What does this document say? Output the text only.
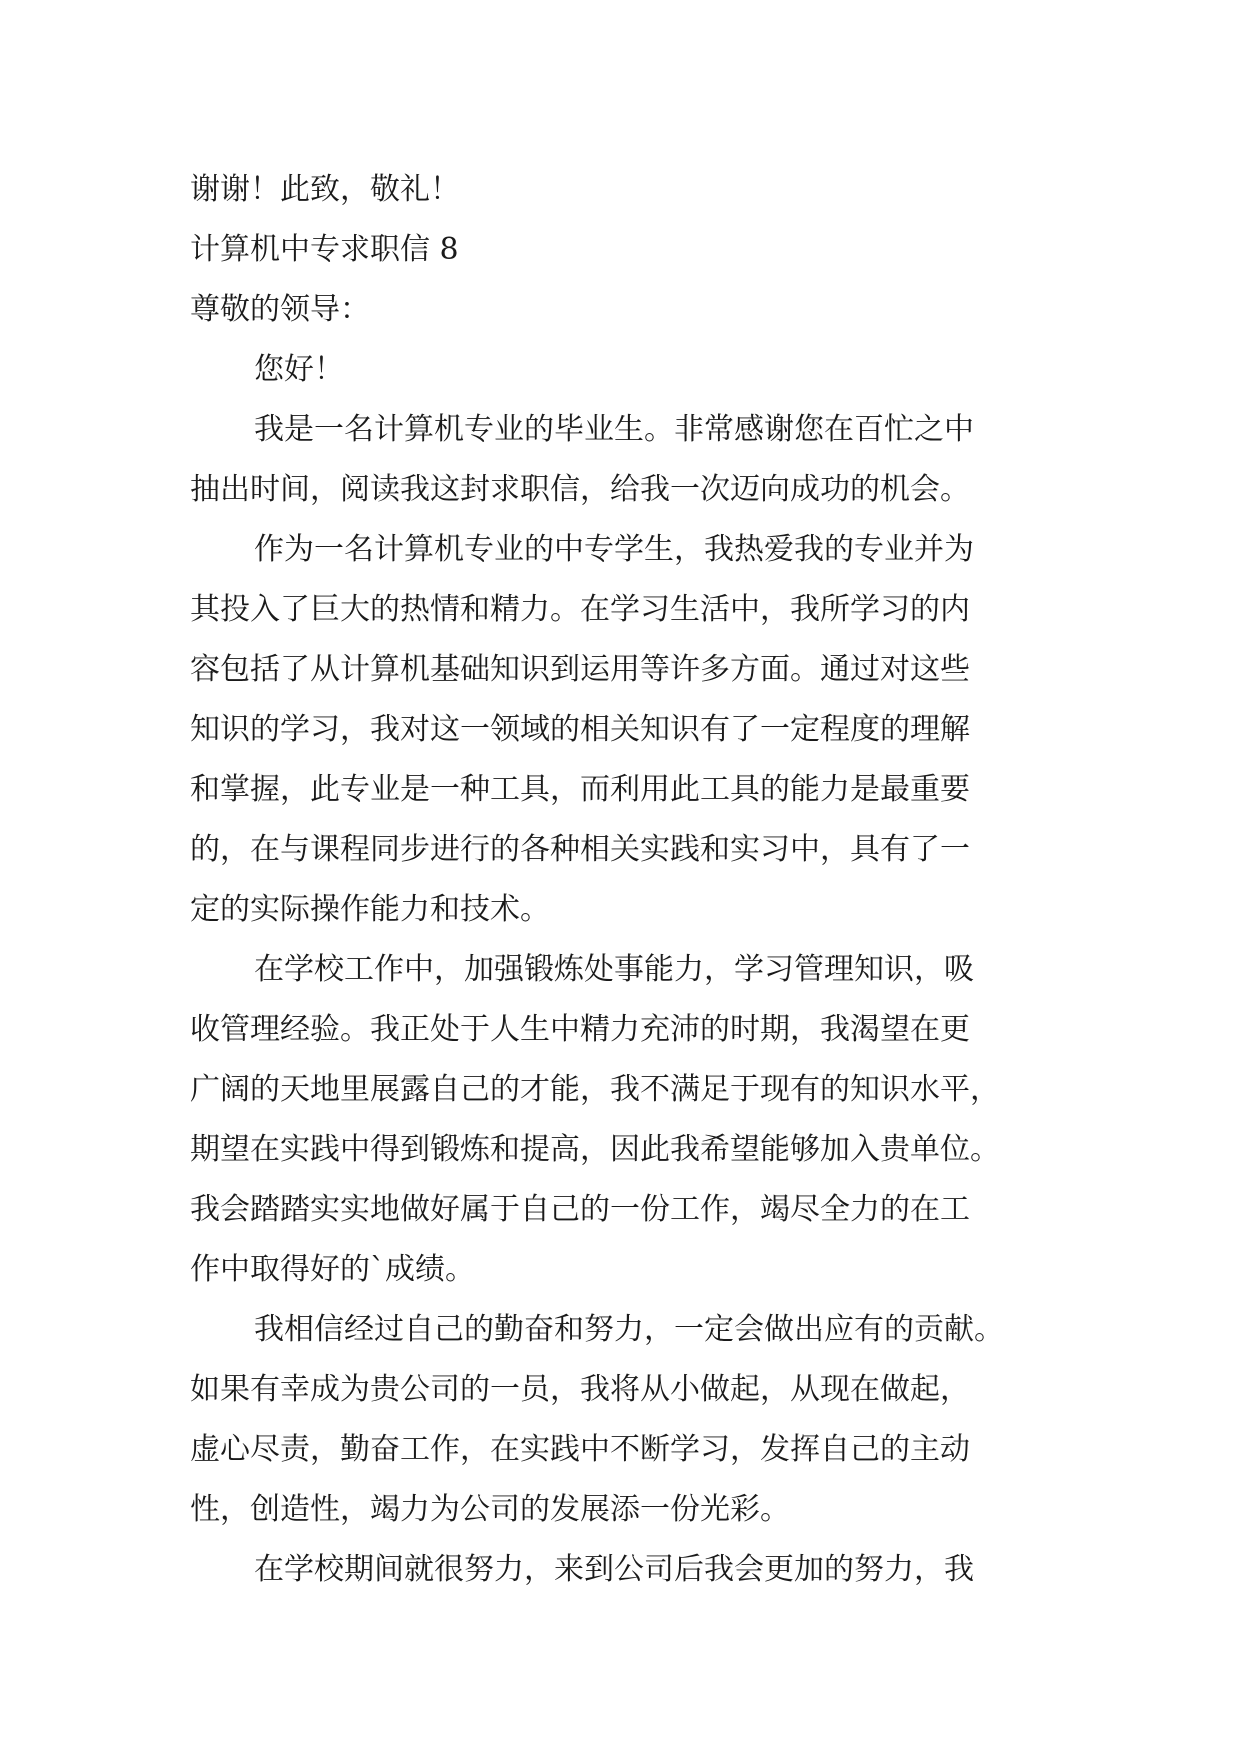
谢谢！此致，敬礼！
计算机中专求职信 8
尊敬的领导：
您好！
我是一名计算机专业的毕业生。非常感谢您在百忙之中
抽出时间，阅读我这封求职信，给我一次迈向成功的机会。
作为一名计算机专业的中专学生，我热爱我的专业并为
其投入了巨大的热情和精力。在学习生活中，我所学习的内
容包括了从计算机基础知识到运用等许多方面。通过对这些
知识的学习，我对这一领域的相关知识有了一定程度的理解
和掌握，此专业是一种工具，而利用此工具的能力是最重要
的，在与课程同步进行的各种相关实践和实习中，具有了一
定的实际操作能力和技术。
在学校工作中，加强锻炼处事能力，学习管理知识，吸
收管理经验。我正处于人生中精力充沛的时期，我渴望在更
广阔的天地里展露自己的才能，我不满足于现有的知识水平，
期望在实践中得到锻炼和提高，因此我希望能够加入贵单位。
我会踏踏实实地做好属于自己的一份工作，竭尽全力的在工
作中取得好的`成绩。
我相信经过自己的勤奋和努力，一定会做出应有的贡献。
如果有幸成为贵公司的一员，我将从小做起，从现在做起，
虚心尽责，勤奋工作，在实践中不断学习，发挥自己的主动
性，创造性，竭力为公司的发展添一份光彩。
在学校期间就很努力，来到公司后我会更加的努力，我
